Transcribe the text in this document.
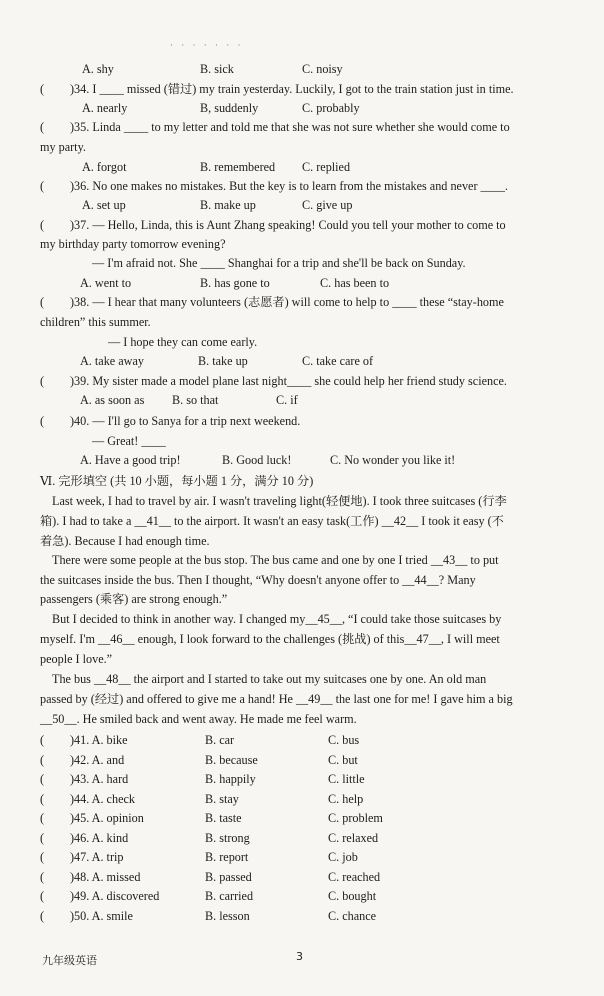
· · · · · · ·
A. shy	B. sick	C. noisy
( )34. I ____ missed (错过) my train yesterday. Luckily, I got to the train station just in time.
A. nearly	B, suddenly	C. probably
( )35. Linda ____ to my letter and told me that she was not sure whether she would come to
my party.
A. forgot	B. remembered C. replied
( )36. No one makes no mistakes. But the key is to learn from the mistakes and never ____.
A. set up	B. make up	C. give up
( )37. — Hello, Linda, this is Aunt Zhang speaking! Could you tell your mother to come to
my birthday party tomorrow evening?
— I'm afraid not. She ____ Shanghai for a trip and she'll be back on Sunday.
A. went to	B. has gone to	C. has been to
( )38. — I hear that many volunteers (志愿者) will come to help to ____ these “stay-home
children” this summer.
— I hope they can come early.
A. take away	B. take up	C. take care of
( )39. My sister made a model plane last night____ she could help her friend study science.
A. as soon as B. so that	C. if
( )40. — I'll go to Sanya for a trip next weekend.
— Great! ____
A. Have a good trip!	B. Good luck!	C. No wonder you like it!
Ⅵ. 完形填空 (共 10 小题，每小题 1 分，满分 10 分)
Last week, I had to travel by air. I wasn't traveling light(轻便地). I took three suitcases (行李
箱). I had to take a __41__ to the airport. It wasn't an easy task(工作) __42__ I took it easy (不
着急). Because I had enough time.
There were some people at the bus stop. The bus came and one by one I tried __43__ to put
the suitcases inside the bus. Then I thought, “Why doesn't anyone offer to __44__? Many
passengers (乘客) are strong enough.”
But I decided to think in another way. I changed my__45__, “I could take those suitcases by
myself. I'm __46__ enough, I look forward to the challenges (挑战) of this__47__, I will meet
people I love.”
The bus __48__ the airport and I started to take out my suitcases one by one. An old man
passed by (经过) and offered to give me a hand! He __49__ the last one for me! I gave him a big
__50__. He smiled back and went away. He made me feel warm.
( )41. A. bike	B. car	C. bus
( )42. A. and	B. because	C. but
( )43. A. hard	B. happily	C. little
( )44. A. check	B. stay	C. help
( )45. A. opinion	B. taste	C. problem
( )46. A. kind	B. strong	C. relaxed
( )47. A. trip	B. report	C. job
( )48. A. missed	B. passed	C. reached
( )49. A. discovered	B. carried	C. bought
( )50. A. smile	B. lesson	C. chance
九年级英语	3
